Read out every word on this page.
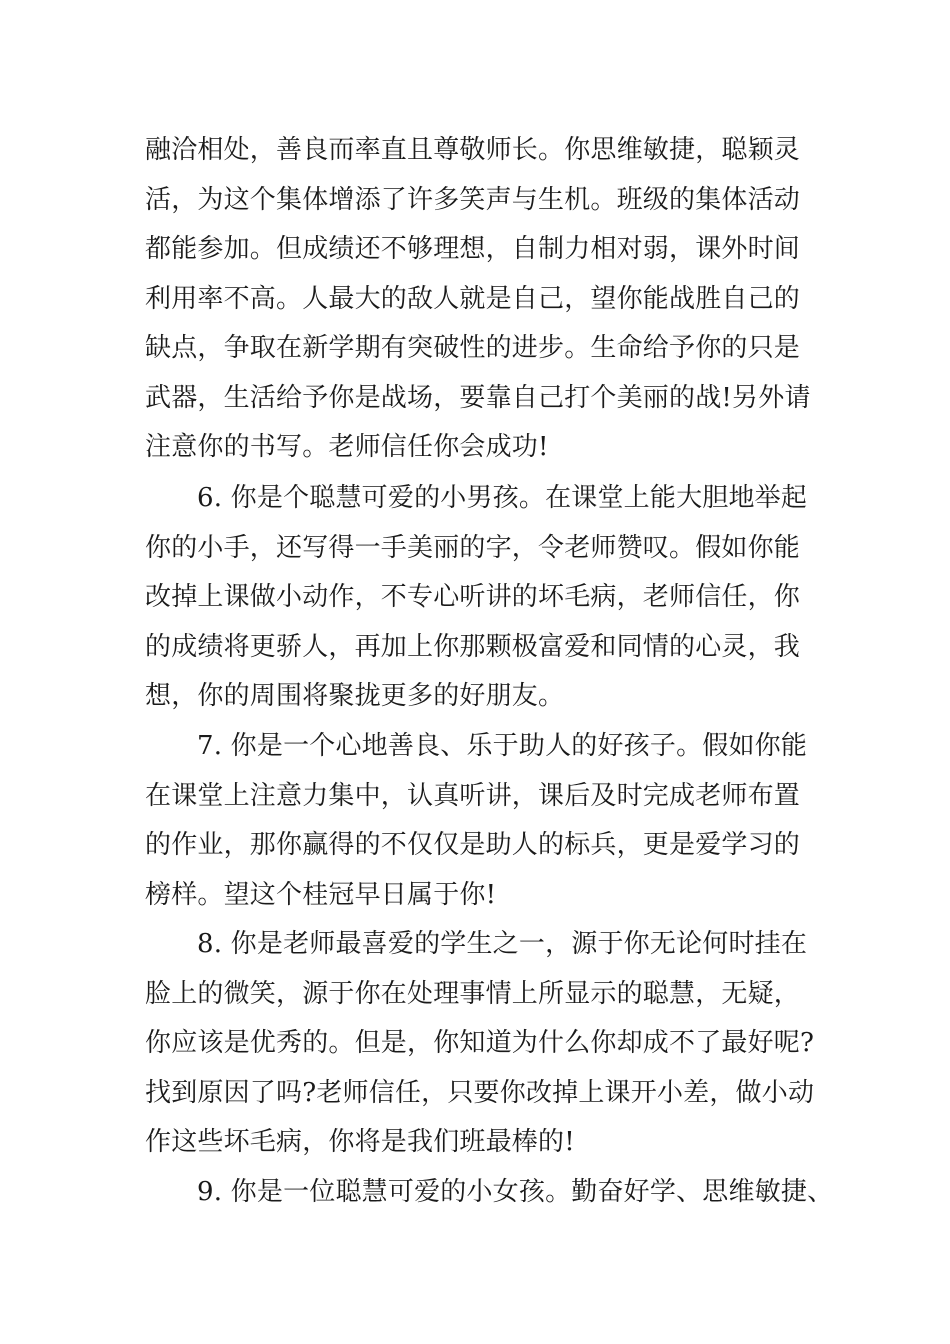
融洽相处，善良而率直且尊敬师长。你思维敏捷，聪颖灵
活，为这个集体增添了许多笑声与生机。班级的集体活动
都能参加。但成绩还不够理想，自制力相对弱，课外时间
利用率不高。人最大的敌人就是自己，望你能战胜自己的
缺点，争取在新学期有突破性的进步。生命给予你的只是
武器，生活给予你是战场，要靠自己打个美丽的战!另外请
注意你的书写。老师信任你会成功!
6. 你是个聪慧可爱的小男孩。在课堂上能大胆地举起
你的小手，还写得一手美丽的字，令老师赞叹。假如你能
改掉上课做小动作，不专心听讲的坏毛病，老师信任，你
的成绩将更骄人，再加上你那颗极富爱和同情的心灵，我
想，你的周围将聚拢更多的好朋友。
7. 你是一个心地善良、乐于助人的好孩子。假如你能
在课堂上注意力集中，认真听讲，课后及时完成老师布置
的作业，那你赢得的不仅仅是助人的标兵，更是爱学习的
榜样。望这个桂冠早日属于你!
8. 你是老师最喜爱的学生之一，源于你无论何时挂在
脸上的微笑，源于你在处理事情上所显示的聪慧，无疑，
你应该是优秀的。但是，你知道为什么你却成不了最好呢?
找到原因了吗?老师信任，只要你改掉上课开小差，做小动
作这些坏毛病，你将是我们班最棒的!
9. 你是一位聪慧可爱的小女孩。勤奋好学、思维敏捷、
